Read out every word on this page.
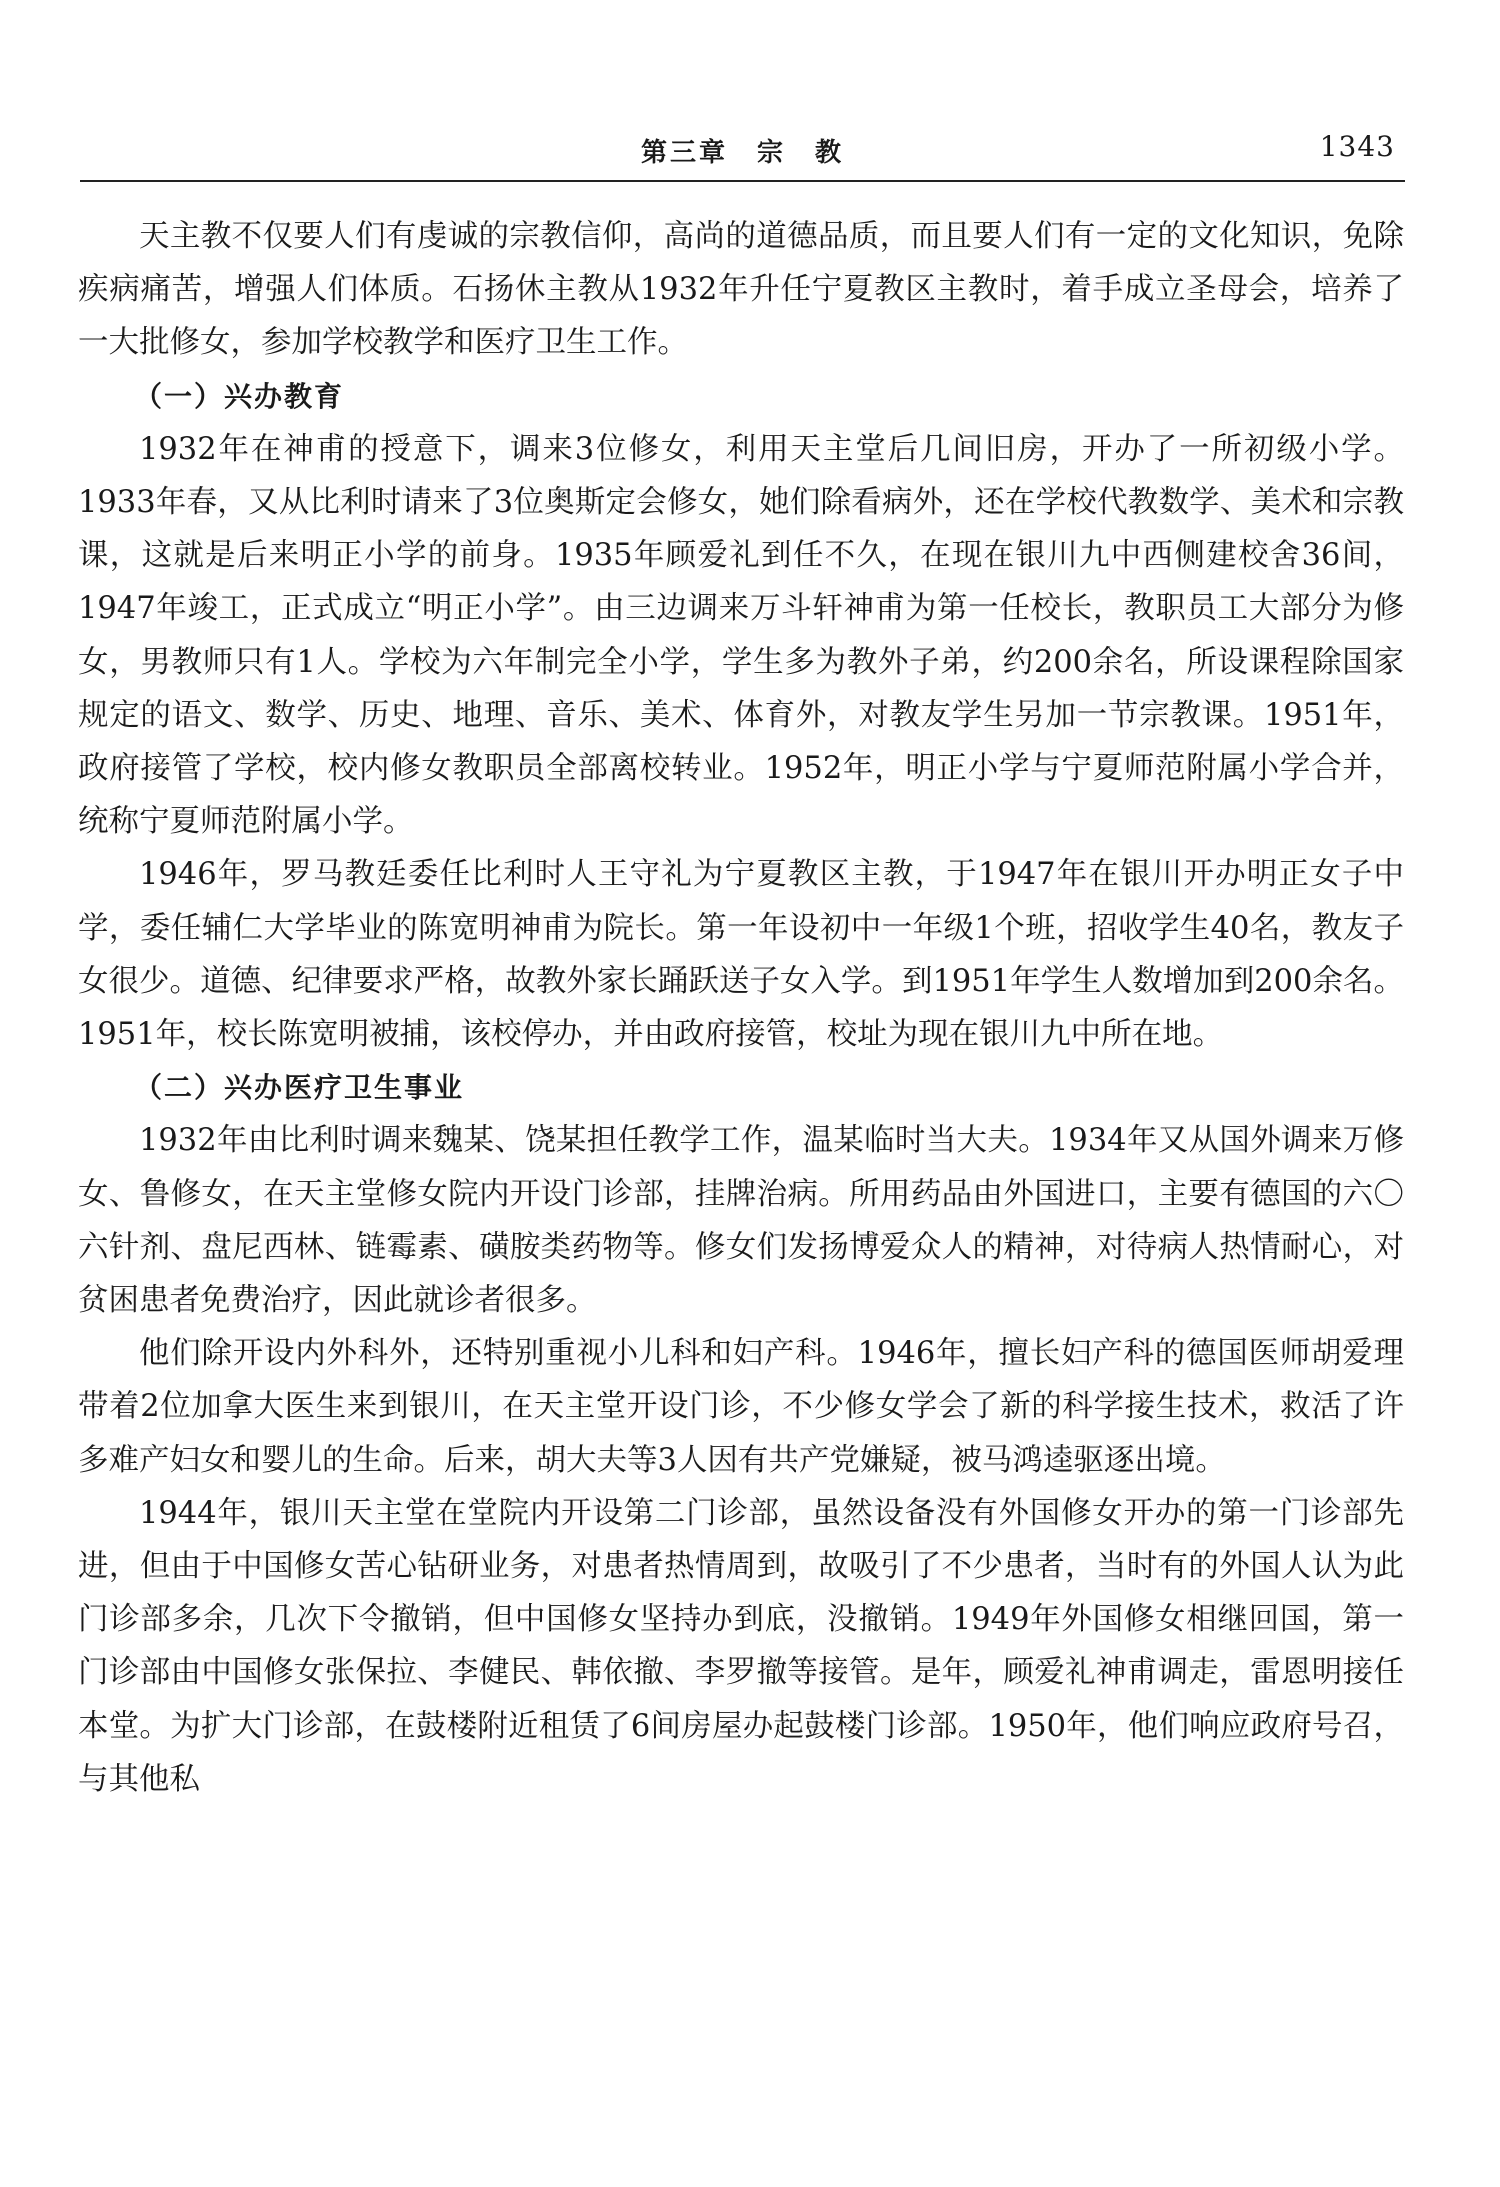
第三章　宗　教	1343

天主教不仅要人们有虔诚的宗教信仰，高尚的道德品质，而且要人们有一定的文化知识，免除疾病痛苦，增强人们体质。石扬休主教从1932年升任宁夏教区主教时，着手成立圣母会，培养了一大批修女，参加学校教学和医疗卫生工作。

（一）兴办教育

1932年在神甫的授意下，调来3位修女，利用天主堂后几间旧房，开办了一所初级小学。1933年春，又从比利时请来了3位奥斯定会修女，她们除看病外，还在学校代教数学、美术和宗教课，这就是后来明正小学的前身。1935年顾爱礼到任不久，在现在银川九中西侧建校舍36间，1947年竣工，正式成立“明正小学”。由三边调来万斗轩神甫为第一任校长，教职员工大部分为修女，男教师只有1人。学校为六年制完全小学，学生多为教外子弟，约200余名，所设课程除国家规定的语文、数学、历史、地理、音乐、美术、体育外，对教友学生另加一节宗教课。1951年，政府接管了学校，校内修女教职员全部离校转业。1952年，明正小学与宁夏师范附属小学合并，统称宁夏师范附属小学。

1946年，罗马教廷委任比利时人王守礼为宁夏教区主教，于1947年在银川开办明正女子中学，委任辅仁大学毕业的陈宽明神甫为院长。第一年设初中一年级1个班，招收学生40名，教友子女很少。道德、纪律要求严格，故教外家长踊跃送子女入学。到1951年学生人数增加到200余名。1951年，校长陈宽明被捕，该校停办，并由政府接管，校址为现在银川九中所在地。

（二）兴办医疗卫生事业

1932年由比利时调来魏某、饶某担任教学工作，温某临时当大夫。1934年又从国外调来万修女、鲁修女，在天主堂修女院内开设门诊部，挂牌治病。所用药品由外国进口，主要有德国的六〇六针剂、盘尼西林、链霉素、磺胺类药物等。修女们发扬博爱众人的精神，对待病人热情耐心，对贫困患者免费治疗，因此就诊者很多。

他们除开设内外科外，还特别重视小儿科和妇产科。1946年，擅长妇产科的德国医师胡爱理带着2位加拿大医生来到银川，在天主堂开设门诊，不少修女学会了新的科学接生技术，救活了许多难产妇女和婴儿的生命。后来，胡大夫等3人因有共产党嫌疑，被马鸿逵驱逐出境。

1944年，银川天主堂在堂院内开设第二门诊部，虽然设备没有外国修女开办的第一门诊部先进，但由于中国修女苦心钻研业务，对患者热情周到，故吸引了不少患者，当时有的外国人认为此门诊部多余，几次下令撤销，但中国修女坚持办到底，没撤销。1949年外国修女相继回国，第一门诊部由中国修女张保拉、李健民、韩依撤、李罗撤等接管。是年，顾爱礼神甫调走，雷恩明接任本堂。为扩大门诊部，在鼓楼附近租赁了6间房屋办起鼓楼门诊部。1950年，他们响应政府号召，与其他私
